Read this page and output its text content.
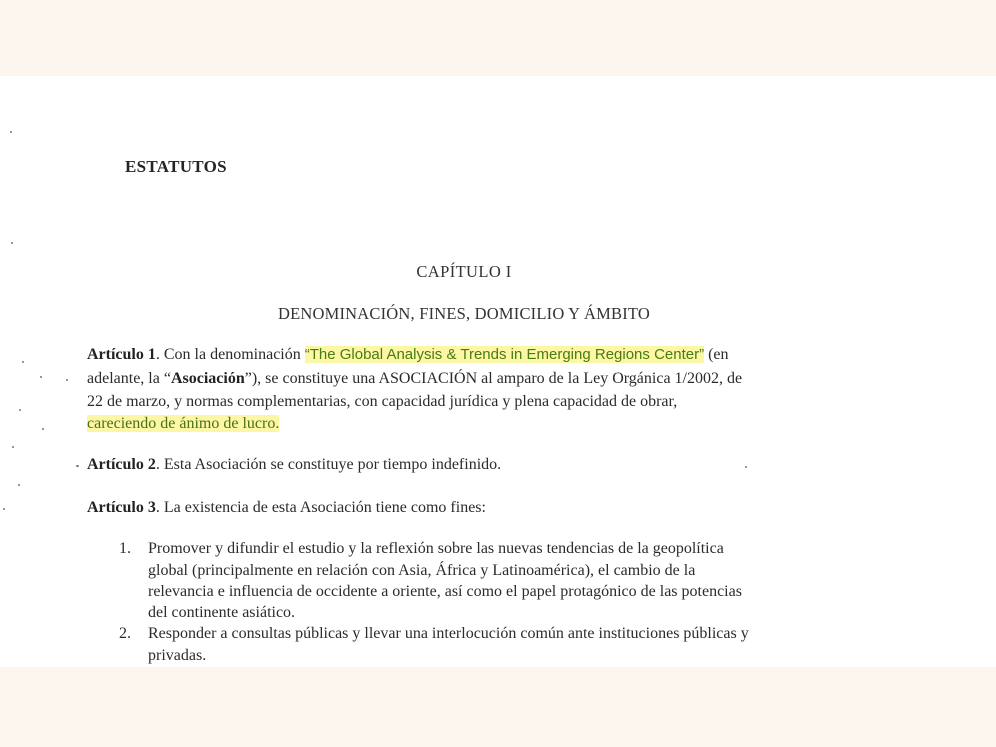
ESTATUTOS
CAPÍTULO I
DENOMINACIÓN, FINES, DOMICILIO Y ÁMBITO
Artículo 1. Con la denominación “The Global Analysis & Trends in Emerging Regions Center” (en
adelante, la “Asociación”), se constituye una ASOCIACIÓN al amparo de la Ley Orgánica 1/2002, de
22 de marzo, y normas complementarias, con capacidad jurídica y plena capacidad de obrar,
careciendo de ánimo de lucro.
Artículo 2. Esta Asociación se constituye por tiempo indefinido.
Artículo 3. La existencia de esta Asociación tiene como fines:
1. Promover y difundir el estudio y la reflexión sobre las nuevas tendencias de la geopolítica
global (principalmente en relación con Asia, África y Latinoamérica), el cambio de la
relevancia e influencia de occidente a oriente, así como el papel protagónico de las potencias
del continente asiático.
2. Responder a consultas públicas y llevar una interlocución común ante instituciones públicas y
privadas.
